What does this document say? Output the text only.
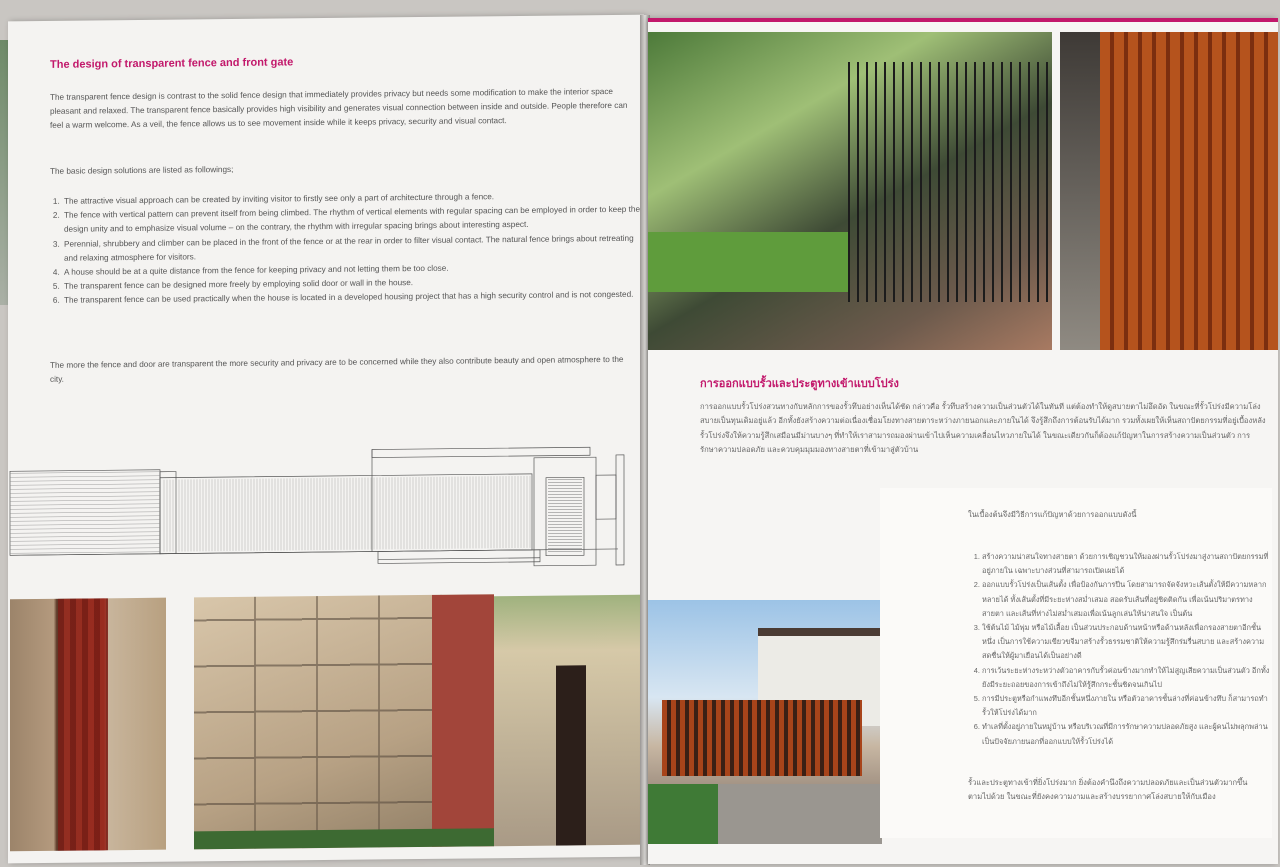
The design of transparent fence and front gate

The transparent fence design is contrast to the solid fence design that immediately provides privacy but needs some modification to make the interior space pleasant and relaxed. The transparent fence basically provides high visibility and generates visual connection between inside and outside. People therefore can feel a warm welcome. As a veil, the fence allows us to see movement inside while it keeps privacy, security and visual contact.

The basic design solutions are listed as followings;

1. The attractive visual approach can be created by inviting visitor to firstly see only a part of architecture through a fence.
2. The fence with vertical pattern can prevent itself from being climbed. The rhythm of vertical elements with regular spacing can be employed in order to keep the design unity and to emphasize visual volume – on the contrary, the rhythm with irregular spacing brings about interesting aspect.
3. Perennial, shrubbery and climber can be placed in the front of the fence or at the rear in order to filter visual contact. The natural fence brings about retreating and relaxing atmosphere for visitors.
4. A house should be at a quite distance from the fence for keeping privacy and not letting them be too close.
5. The transparent fence can be designed more freely by employing solid door or wall in the house.
6. The transparent fence can be used practically when the house is located in a developed housing project that has a high security control and is not congested.

The more the fence and door are transparent the more security and privacy are to be concerned while they also contribute beauty and open atmosphere to the city.	การออกแบบรั้วและประตูทางเข้าแบบโปร่ง

การออกแบบรั้วโปร่งสวนทางกับหลักการของรั้วทึบอย่างเห็นได้ชัด กล่าวคือ รั้วทึบสร้างความเป็นส่วนตัวได้ในทันที แต่ต้องทำให้ดูสบายตาไม่อึดอัด ในขณะที่รั้วโปร่งมีความโล่งสบายเป็นทุนเดิมอยู่แล้ว อีกทั้งยังสร้างความต่อเนื่องเชื่อมโยงทางสายตาระหว่างภายนอกและภายในได้ จึงรู้สึกถึงการต้อนรับได้มาก รวมทั้งเผยให้เห็นสถาปัตยกรรมที่อยู่เบื้องหลังรั้วโปร่งจึงให้ความรู้สึกเสมือนมีม่านบางๆ ที่ทำให้เราสามารถมองผ่านเข้าไปเห็นความเคลื่อนไหวภายในได้ ในขณะเดียวกันก็ต้องแก้ปัญหาในการสร้างความเป็นส่วนตัว การรักษาความปลอดภัย และควบคุมมุมมองทางสายตาที่เข้ามาสู่ตัวบ้าน

ในเบื้องต้นจึงมีวิธีการแก้ปัญหาด้วยการออกแบบดังนี้

1. สร้างความน่าสนใจทางสายตา ด้วยการเชิญชวนให้มองผ่านรั้วโปร่งมาสู่งานสถาปัตยกรรมที่อยู่ภายใน เฉพาะบางส่วนที่สามารถเปิดเผยได้
2. ออกแบบรั้วโปร่งเป็นเส้นตั้ง เพื่อป้องกันการปีน โดยสามารถจัดจังหวะเส้นตั้งให้มีความหลากหลายได้ ทั้งเส้นตั้งที่มีระยะห่างสม่ำเสมอ สอดรับเส้นที่อยู่ชิดติดกัน เพื่อเน้นปริมาตรทางสายตา และเส้นที่ห่างไม่สม่ำเสมอเพื่อเน้นลูกเล่นให้น่าสนใจ เป็นต้น
3. ใช้ต้นไม้ ไม้พุ่ม หรือไม้เลื้อย เป็นส่วนประกอบด้านหน้าหรือด้านหลังเพื่อกรองสายตาอีกชั้นหนึ่ง เป็นการใช้ความเขียวขจีมาสร้างรั้วธรรมชาติให้ความรู้สึกร่มรื่นสบาย และสร้างความสดชื่นให้ผู้มาเยือนได้เป็นอย่างดี
4. การเว้นระยะห่างระหว่างตัวอาคารกับรั้วค่อนข้างมากทำให้ไม่สูญเสียความเป็นส่วนตัว อีกทั้งยังมีระยะถอยของการเข้าถึงไม่ให้รู้สึกกระชั้นชิดจนเกินไป
5. การมีประตูหรือกำแพงทึบอีกชั้นหนึ่งภายใน หรือตัวอาคารชั้นล่างที่ค่อนข้างทึบ ก็สามารถทำรั้วให้โปร่งได้มาก
6. ทำเลที่ตั้งอยู่ภายในหมู่บ้าน หรือบริเวณที่มีการรักษาความปลอดภัยสูง และผู้คนไม่พลุกพล่าน เป็นปัจจัยภายนอกที่ออกแบบให้รั้วโปร่งได้

รั้วและประตูทางเข้าที่ยิ่งโปร่งมาก ยิ่งต้องคำนึงถึงความปลอดภัยและเป็นส่วนตัวมากขึ้นตามไปด้วย ในขณะที่ยังคงความงามและสร้างบรรยากาศโล่งสบายให้กับเมือง
